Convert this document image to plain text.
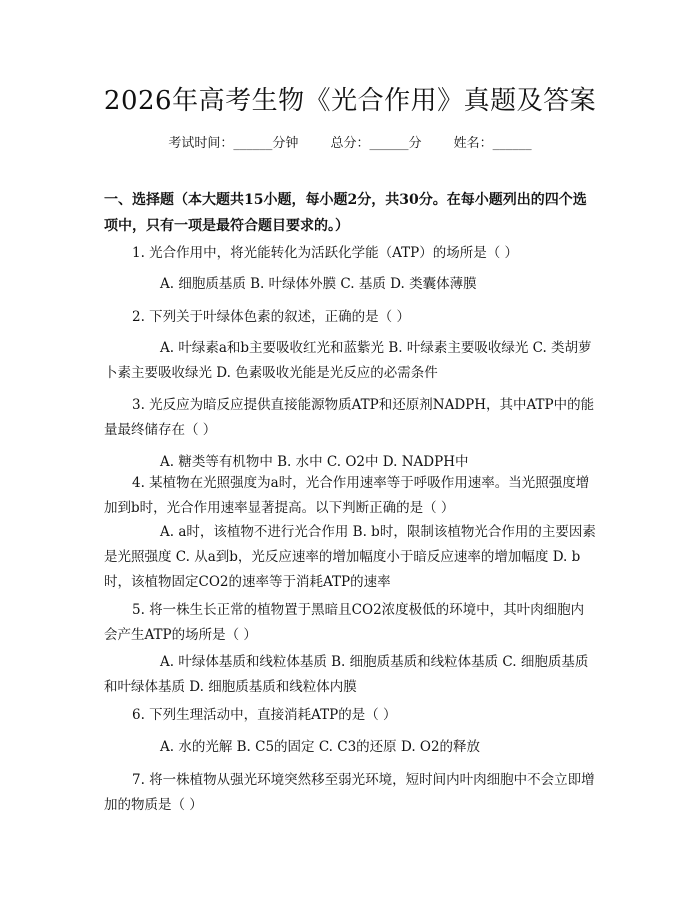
2026年高考生物《光合作用》真题及答案
考试时间：______分钟 总分：______分 姓名：______
一、选择题（本大题共15小题，每小题2分，共30分。在每小题列出的四个选项中，只有一项是最符合题目要求的。）
1. 光合作用中，将光能转化为活跃化学能（ATP）的场所是（ ）
A. 细胞质基质 B. 叶绿体外膜 C. 基质 D. 类囊体薄膜
2. 下列关于叶绿体色素的叙述，正确的是（ ）
A. 叶绿素a和b主要吸收红光和蓝紫光 B. 叶绿素主要吸收绿光 C. 类胡萝卜素主要吸收绿光 D. 色素吸收光能是光反应的必需条件
3. 光反应为暗反应提供直接能源物质ATP和还原剂NADPH，其中ATP中的能量最终储存在（ ）
A. 糖类等有机物中 B. 水中 C. O2中 D. NADPH中
4. 某植物在光照强度为a时，光合作用速率等于呼吸作用速率。当光照强度增加到b时，光合作用速率显著提高。以下判断正确的是（ ）
A. a时，该植物不进行光合作用 B. b时，限制该植物光合作用的主要因素是光照强度 C. 从a到b，光反应速率的增加幅度小于暗反应速率的增加幅度 D. b时，该植物固定CO2的速率等于消耗ATP的速率
5. 将一株生长正常的植物置于黑暗且CO2浓度极低的环境中，其叶肉细胞内会产生ATP的场所是（ ）
A. 叶绿体基质和线粒体基质 B. 细胞质基质和线粒体基质 C. 细胞质基质和叶绿体基质 D. 细胞质基质和线粒体内膜
6. 下列生理活动中，直接消耗ATP的是（ ）
A. 水的光解 B. C5的固定 C. C3的还原 D. O2的释放
7. 将一株植物从强光环境突然移至弱光环境，短时间内叶肉细胞中不会立即增加的物质是（ ）
